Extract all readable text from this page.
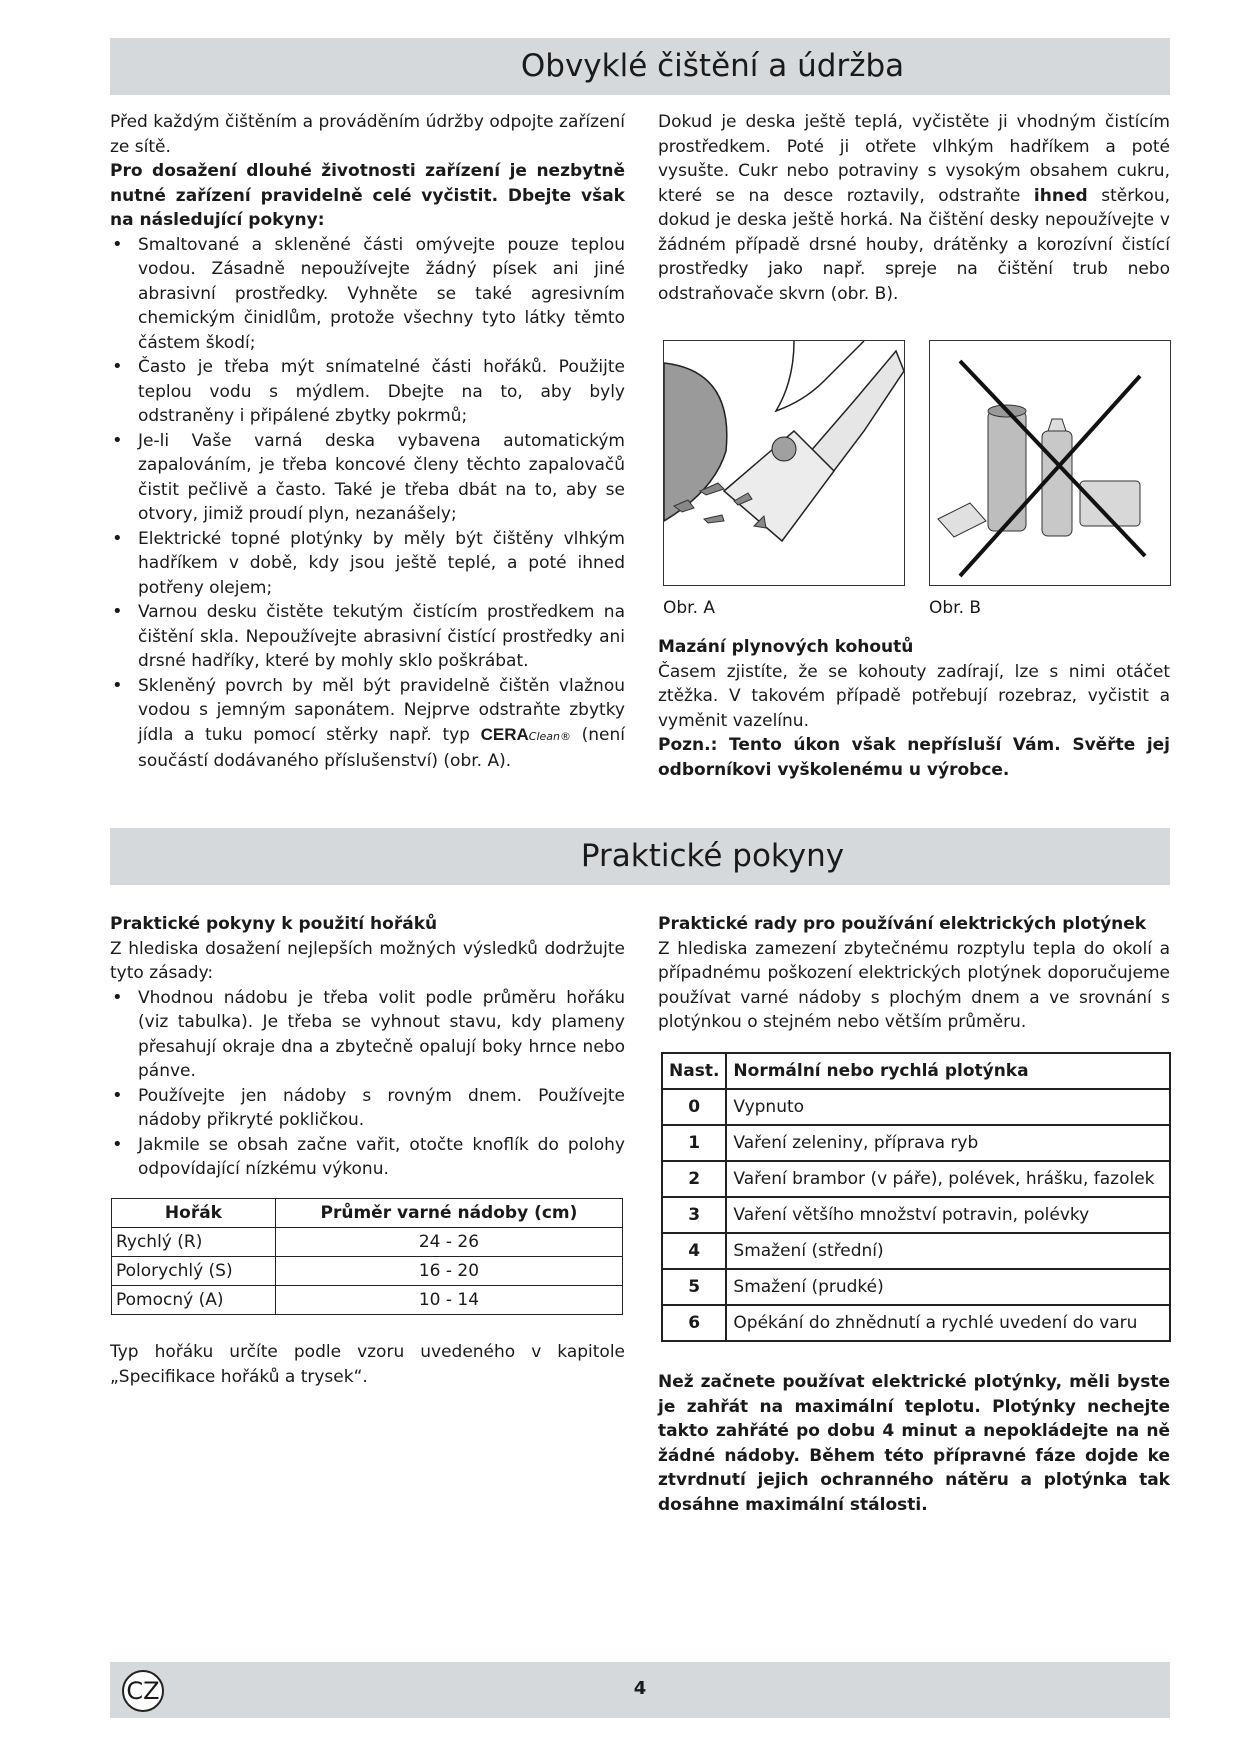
Obvyklé čištění a údržba

Před každým čištěním a prováděním údržby odpojte zařízení ze sítě.

Pro dosažení dlouhé životnosti zařízení je nezbytně nutné zařízení pravidelně celé vyčistit. Dbejte však na následující pokyny:

• Smaltované a skleněné části omývejte pouze teplou vodou. Zásadně nepoužívejte žádný písek ani jiné abrasivní prostředky. Vyhněte se také agresivním chemickým činidlům, protože všechny tyto látky těmto částem škodí;
• Často je třeba mýt snímatelné části hořáků. Použijte teplou vodu s mýdlem. Dbejte na to, aby byly odstraněny i připálené zbytky pokrmů;
• Je-li Vaše varná deska vybavena automatickým zapalováním, je třeba koncové členy těchto zapalovačů čistit pečlivě a často. Také je třeba dbát na to, aby se otvory, jimiž proudí plyn, nezanášely;
• Elektrické topné plotýnky by měly být čištěny vlhkým hadříkem v době, kdy jsou ještě teplé, a poté ihned potřeny olejem;
• Varnou desku čistěte tekutým čistícím prostředkem na čištění skla. Nepoužívejte abrasivní čistící prostředky ani drsné hadříky, které by mohly sklo poškrábat.
• Skleněný povrch by měl být pravidelně čištěn vlažnou vodou s jemným saponátem. Nejprve odstraňte zbytky jídla a tuku pomocí stěrky např. typ CERAClean® (není součástí dodávaného příslušenství) (obr. A).

Dokud je deska ještě teplá, vyčistěte ji vhodným čistícím prostředkem. Poté ji otřete vlhkým hadříkem a poté vysušte. Cukr nebo potraviny s vysokým obsahem cukru, které se na desce roztavily, odstraňte ihned stěrkou, dokud je deska ještě horká. Na čištění desky nepoužívejte v žádném případě drsné houby, drátěnky a korozívní čistící prostředky jako např. spreje na čištění trub nebo odstraňovače skvrn (obr. B).

Obr. A	Obr. B

Mazání plynových kohoutů

Časem zjistíte, že se kohouty zadírají, lze s nimi otáčet ztěžka. V takovém případě potřebují rozebraz, vyčistit a vyměnit vazelínu.

Pozn.: Tento úkon však nepřísluší Vám. Svěřte jej odborníkovi vyškolenému u výrobce.

Praktické pokyny

Praktické pokyny k použití hořáků

Z hlediska dosažení nejlepších možných výsledků dodržujte tyto zásady:

• Vhodnou nádobu je třeba volit podle průměru hořáku (viz tabulka). Je třeba se vyhnout stavu, kdy plameny přesahují okraje dna a zbytečně opalují boky hrnce nebo pánve.
• Používejte jen nádoby s rovným dnem. Používejte nádoby přikryté pokličkou.
• Jakmile se obsah začne vařit, otočte knoflík do polohy odpovídající nízkému výkonu.
Hořák	Průměr varné nádoby (cm)
Rychlý (R)	24 - 26
Polorychlý (S)	16 - 20
Pomocný (A)	10 - 14

Typ hořáku určíte podle vzoru uvedeného v kapitole „Specifikace hořáků a trysek“.

Praktické rady pro používání elektrických plotýnek

Z hlediska zamezení zbytečnému rozptylu tepla do okolí a případnému poškození elektrických plotýnek doporučujeme používat varné nádoby s plochým dnem a ve srovnání s plotýnkou o stejném nebo větším průměru.

Nast.	Normální nebo rychlá plotýnka
0	Vypnuto
1	Vaření zeleniny, příprava ryb
2	Vaření brambor (v páře), polévek, hrášku, fazolek
3	Vaření většího množství potravin, polévky
4	Smažení (střední)
5	Smažení (prudké)
6	Opékání do zhnědnutí a rychlé uvedení do varu

Než začnete používat elektrické plotýnky, měli byste je zahřát na maximální teplotu. Plotýnky nechejte takto zahřáté po dobu 4 minut a nepokládejte na ně žádné nádoby. Během této přípravné fáze dojde ke ztvrdnutí jejich ochranného nátěru a plotýnka tak dosáhne maximální stálosti.

CZ	4
